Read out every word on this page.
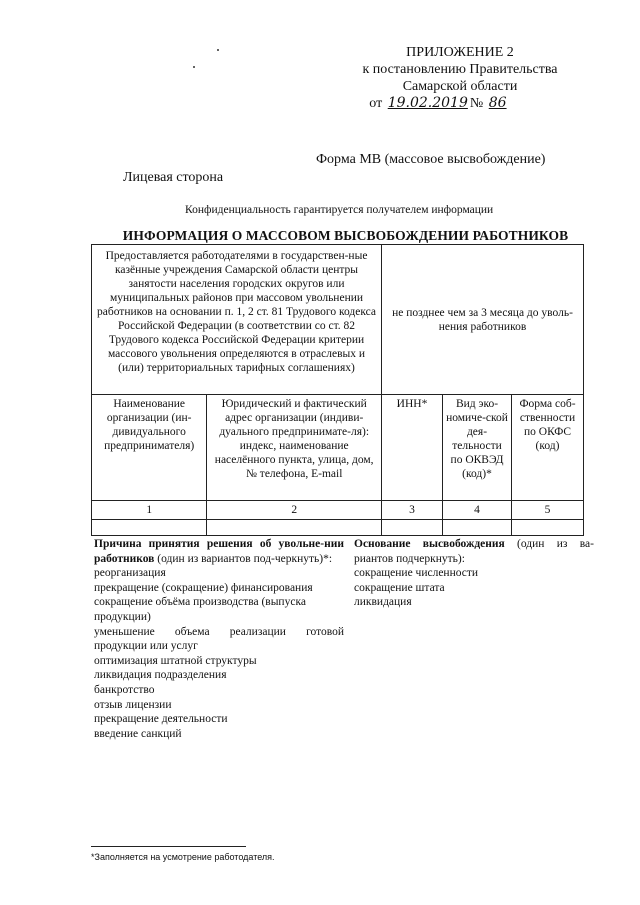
ПРИЛОЖЕНИЕ 2
к постановлению Правительства
Самарской области
от 19.02.2019 № 86
Форма МВ (массовое высвобождение)
Лицевая сторона
Конфиденциальность гарантируется получателем информации
ИНФОРМАЦИЯ О МАССОВОМ ВЫСВОБОЖДЕНИИ РАБОТНИКОВ
Предоставляется работодателями в государствен-ные казённые учреждения Самарской области центры занятости населения городских округов или муниципальных районов при массовом увольнении работников на основании п. 1, 2 ст. 81 Трудового кодекса Российской Федерации (в соответствии со ст. 82 Трудового кодекса Российской Федерации критерии массового увольнения определяются в отраслевых и (или) территориальных тарифных соглашениях)		не позднее чем за 3 месяца до уволь-нения работников		
Наименование организации (ин-дивидуального предпринимателя)	Юридический и фактический адрес организации (индиви-дуального предпринимате-ля): индекс, наименование населённого пункта, улица, дом, № телефона, E-mail	ИНН*	Вид эко-номиче-ской дея-тельности по ОКВЭД (код)*	Форма соб-ственности по ОКФС (код)
1	2	3	4	5

Причина принятия решения об увольне-нии работников (один из вариантов под-черкнуть)*:
реорганизация
прекращение (сокращение) финансирования
сокращение объёма производства (выпуска продукции)
уменьшение объема реализации готовой продукции или услуг
оптимизация штатной структуры
ликвидация подразделения
банкротство
отзыв лицензии
прекращение деятельности
введение санкций
Основание высвобождения (один из ва-риантов подчеркнуть):
сокращение численности
сокращение штата
ликвидация
*Заполняется на усмотрение работодателя.
